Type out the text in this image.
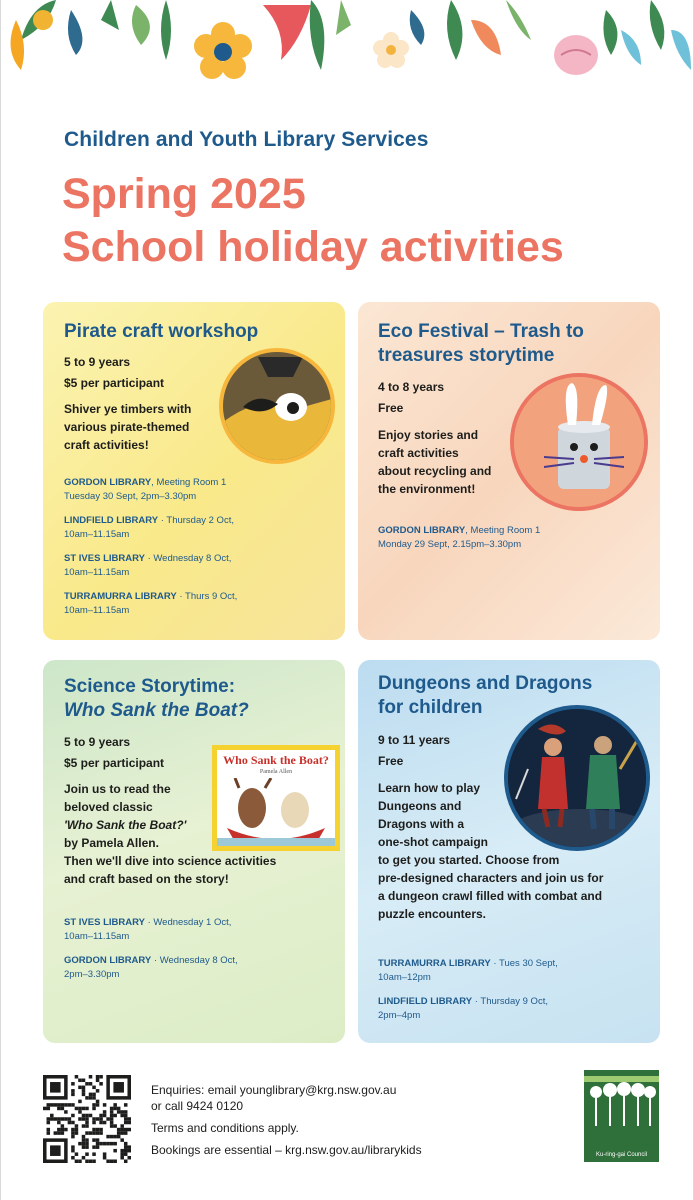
Children and Youth Library Services
Spring 2025
School holiday activities
Pirate craft workshop
5 to 9 years
$5 per participant
Shiver ye timbers with
various pirate-themed
craft activities!
GORDON LIBRARY, Meeting Room 1
Tuesday 30 Sept, 2pm–3.30pm
LINDFIELD LIBRARY · Thursday 2 Oct,
10am–11.15am
ST IVES LIBRARY · Wednesday 8 Oct,
10am–11.15am
TURRAMURRA LIBRARY · Thurs 9 Oct,
10am–11.15am
Eco Festival – Trash to
treasures storytime
4 to 8 years
Free
Enjoy stories and
craft activities
about recycling and
the environment!
GORDON LIBRARY, Meeting Room 1
Monday 29 Sept, 2.15pm–3.30pm
Science Storytime:
Who Sank the Boat?
5 to 9 years
$5 per participant
Join us to read the
beloved classic
'Who Sank the Boat?'
by Pamela Allen.
Then we'll dive into science activities
and craft based on the story!
Who Sank the Boat?
Pamela Allen
ST IVES LIBRARY · Wednesday 1 Oct,
10am–11.15am
GORDON LIBRARY · Wednesday 8 Oct,
2pm–3.30pm
Dungeons and Dragons
for children
9 to 11 years
Free
Learn how to play
Dungeons and
Dragons with a
one-shot campaign
to get you started. Choose from
pre-designed characters and join us for
a dungeon crawl filled with combat and
puzzle encounters.
TURRAMURRA LIBRARY · Tues 30 Sept,
10am–12pm
LINDFIELD LIBRARY · Thursday 9 Oct,
2pm–4pm
Enquiries: email younglibrary@krg.nsw.gov.au
or call 9424 0120
Terms and conditions apply.
Bookings are essential – krg.nsw.gov.au/librarykids	Ku-ring-gai Council
